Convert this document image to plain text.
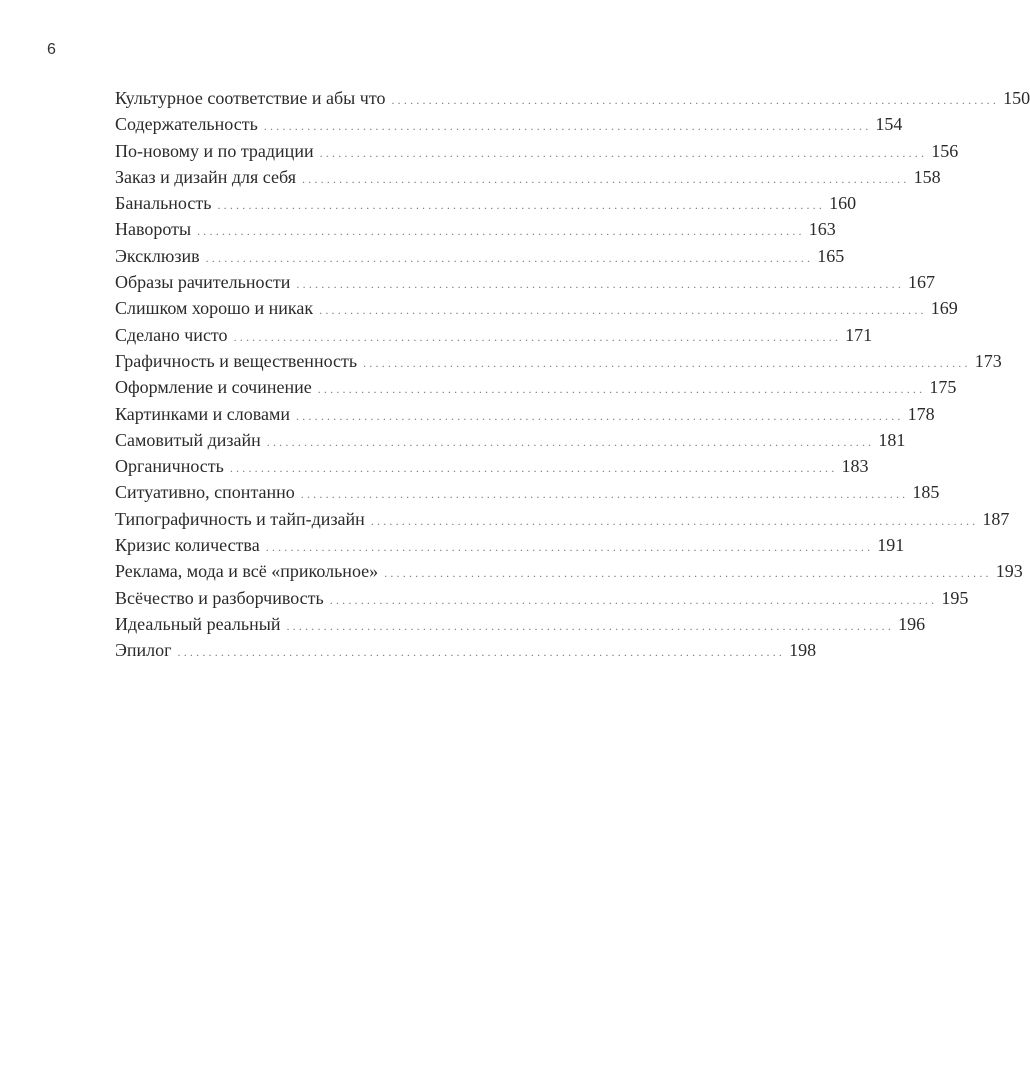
6
Культурное соответствие и абы что .................................................................................................. 150
Содержательность .................................................................................................. 154
По-новому и по традиции .................................................................................................. 156
Заказ и дизайн для себя .................................................................................................. 158
Банальность .................................................................................................. 160
Навороты .................................................................................................. 163
Эксклюзив .................................................................................................. 165
Образы рачительности .................................................................................................. 167
Слишком хорошо и никак .................................................................................................. 169
Сделано чисто .................................................................................................. 171
Графичность и вещественность .................................................................................................. 173
Оформление и сочинение .................................................................................................. 175
Картинками и словами .................................................................................................. 178
Самовитый дизайн .................................................................................................. 181
Органичность .................................................................................................. 183
Ситуативно, спонтанно .................................................................................................. 185
Типографичность и тайп-дизайн .................................................................................................. 187
Кризис количества .................................................................................................. 191
Реклама, мода и всё «прикольное» .................................................................................................. 193
Всёчество и разборчивость .................................................................................................. 195
Идеальный реальный .................................................................................................. 196
Эпилог .................................................................................................. 198
